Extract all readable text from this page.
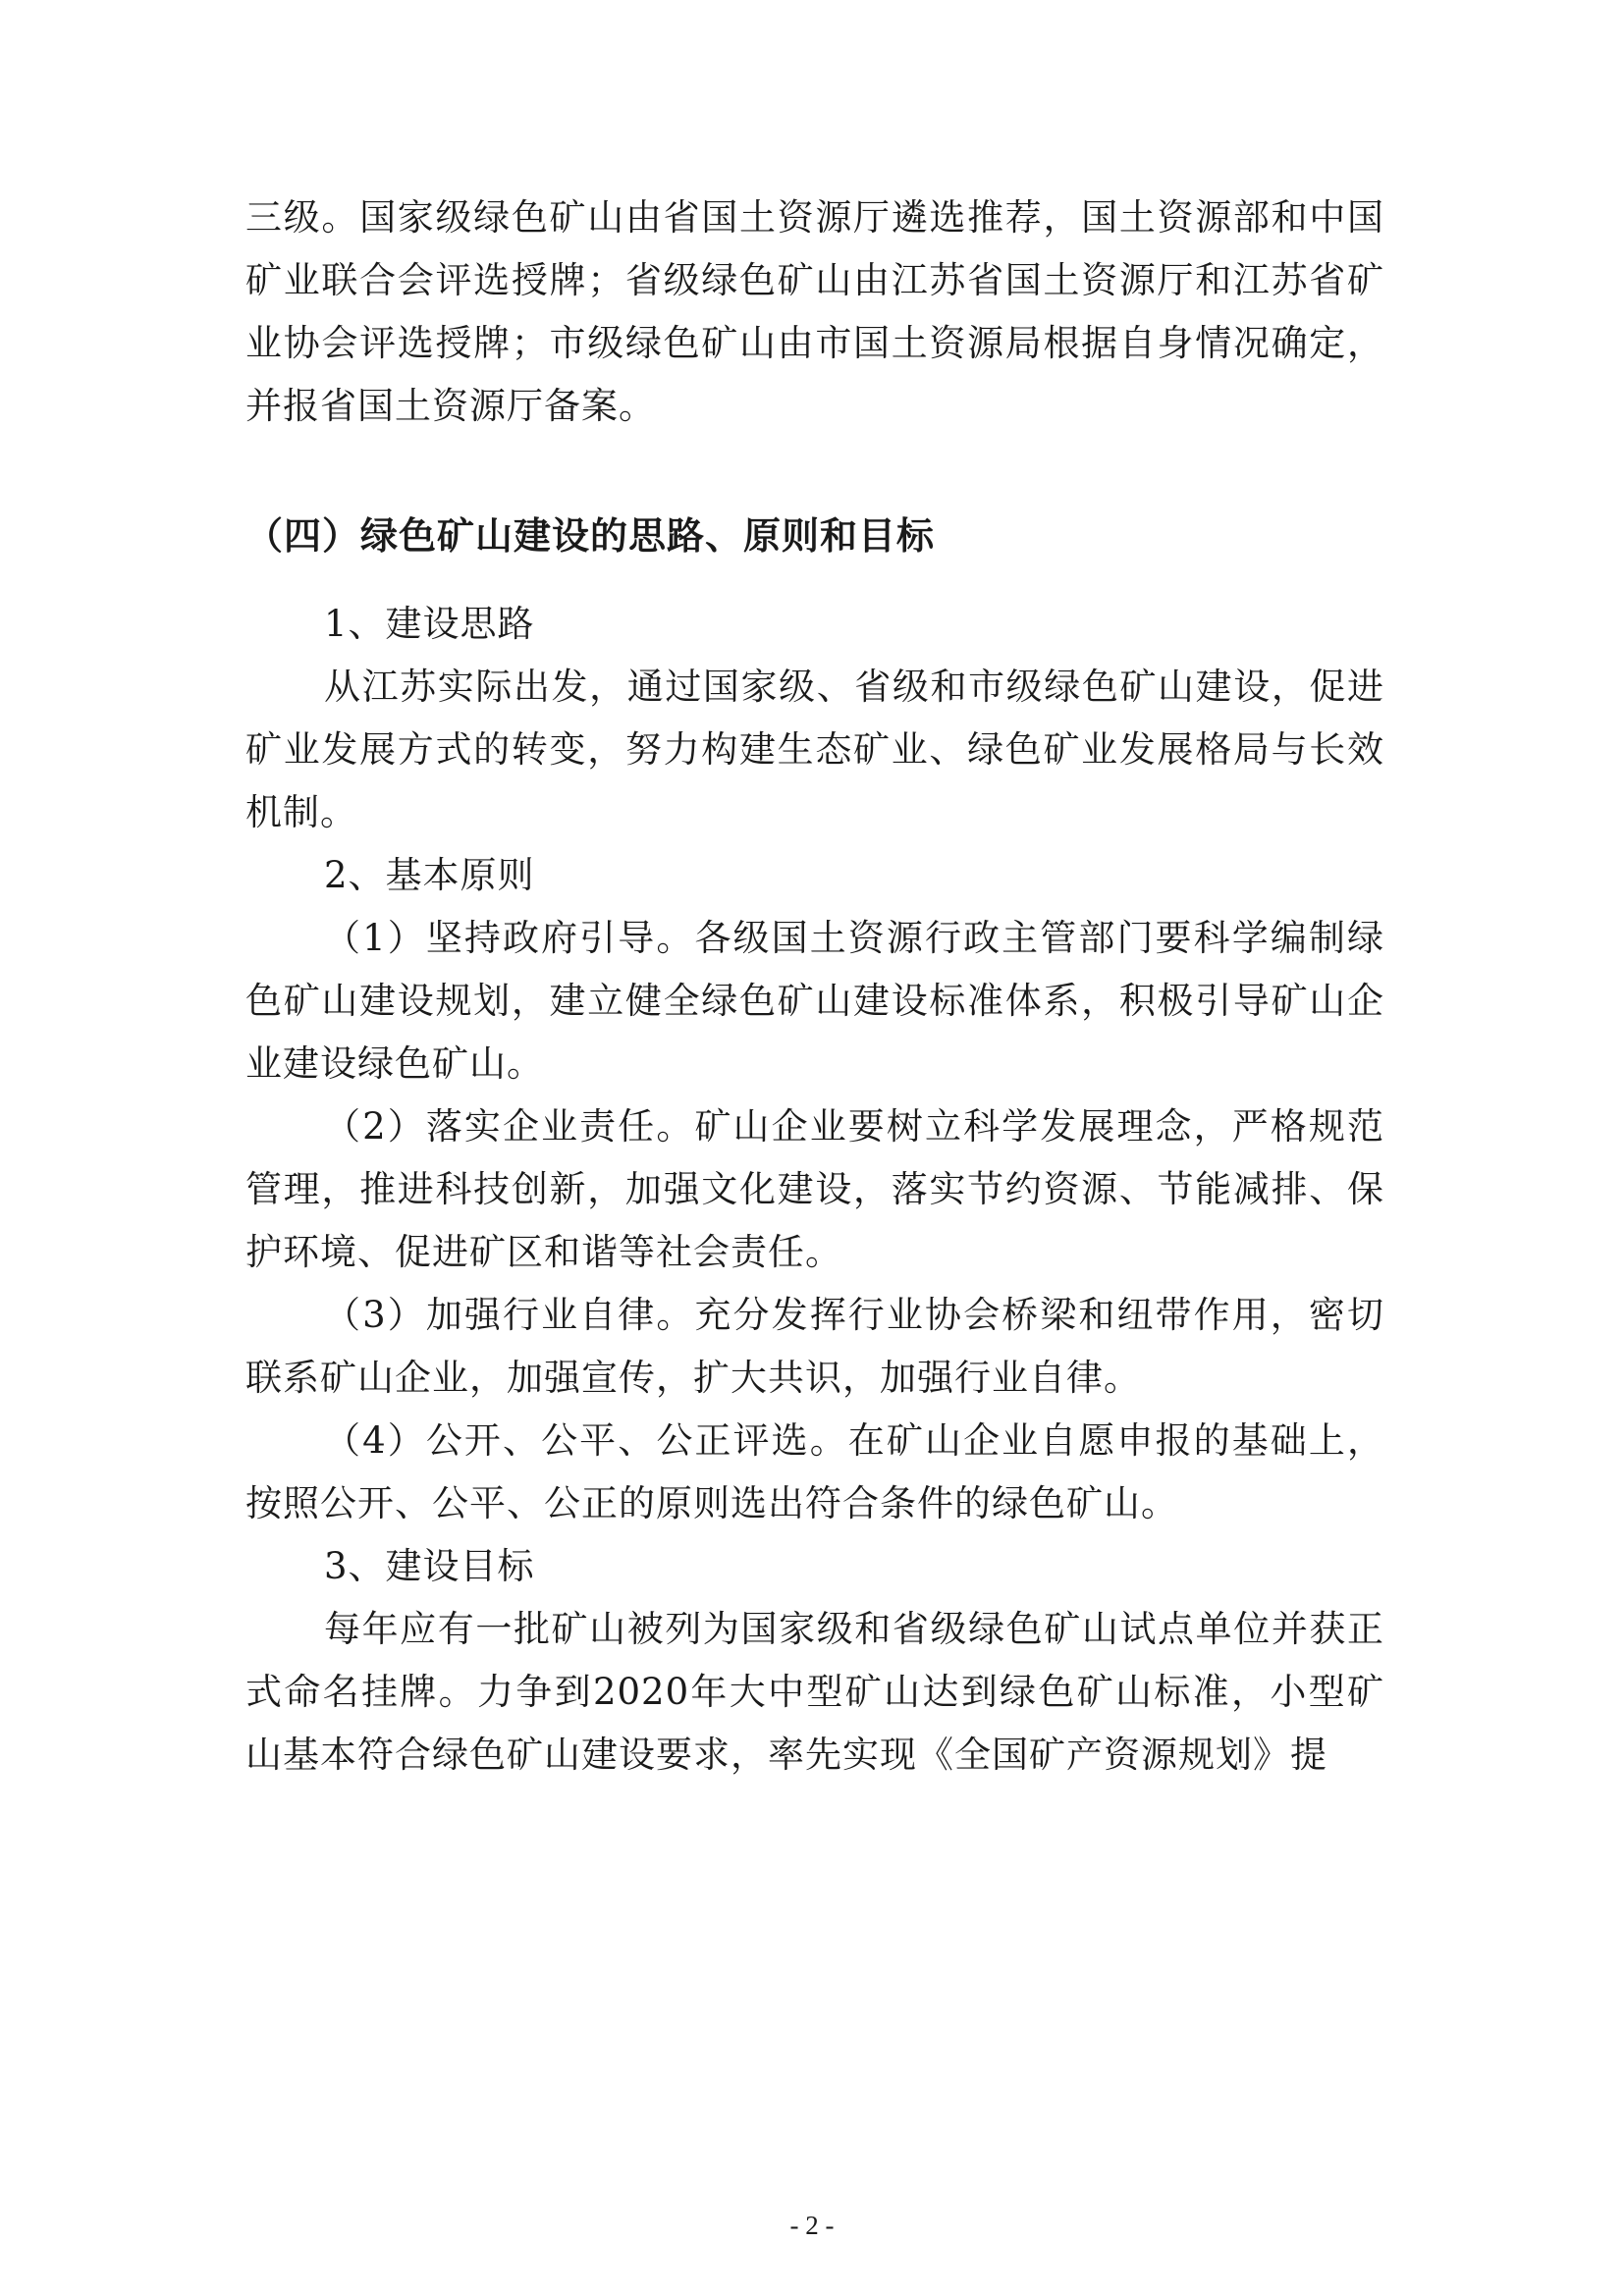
三级。国家级绿色矿山由省国土资源厅遴选推荐，国土资源部和中国矿业联合会评选授牌；省级绿色矿山由江苏省国土资源厅和江苏省矿业协会评选授牌；市级绿色矿山由市国土资源局根据自身情况确定，并报省国土资源厅备案。

（四）绿色矿山建设的思路、原则和目标

1、建设思路

从江苏实际出发，通过国家级、省级和市级绿色矿山建设，促进矿业发展方式的转变，努力构建生态矿业、绿色矿业发展格局与长效机制。

2、基本原则

（1）坚持政府引导。各级国土资源行政主管部门要科学编制绿色矿山建设规划，建立健全绿色矿山建设标准体系，积极引导矿山企业建设绿色矿山。

（2）落实企业责任。矿山企业要树立科学发展理念，严格规范管理，推进科技创新，加强文化建设，落实节约资源、节能减排、保护环境、促进矿区和谐等社会责任。

（3）加强行业自律。充分发挥行业协会桥梁和纽带作用，密切联系矿山企业，加强宣传，扩大共识，加强行业自律。

（4）公开、公平、公正评选。在矿山企业自愿申报的基础上，按照公开、公平、公正的原则选出符合条件的绿色矿山。

3、建设目标

每年应有一批矿山被列为国家级和省级绿色矿山试点单位并获正式命名挂牌。力争到2020年大中型矿山达到绿色矿山标准，小型矿山基本符合绿色矿山建设要求，率先实现《全国矿产资源规划》提

- 2 -
